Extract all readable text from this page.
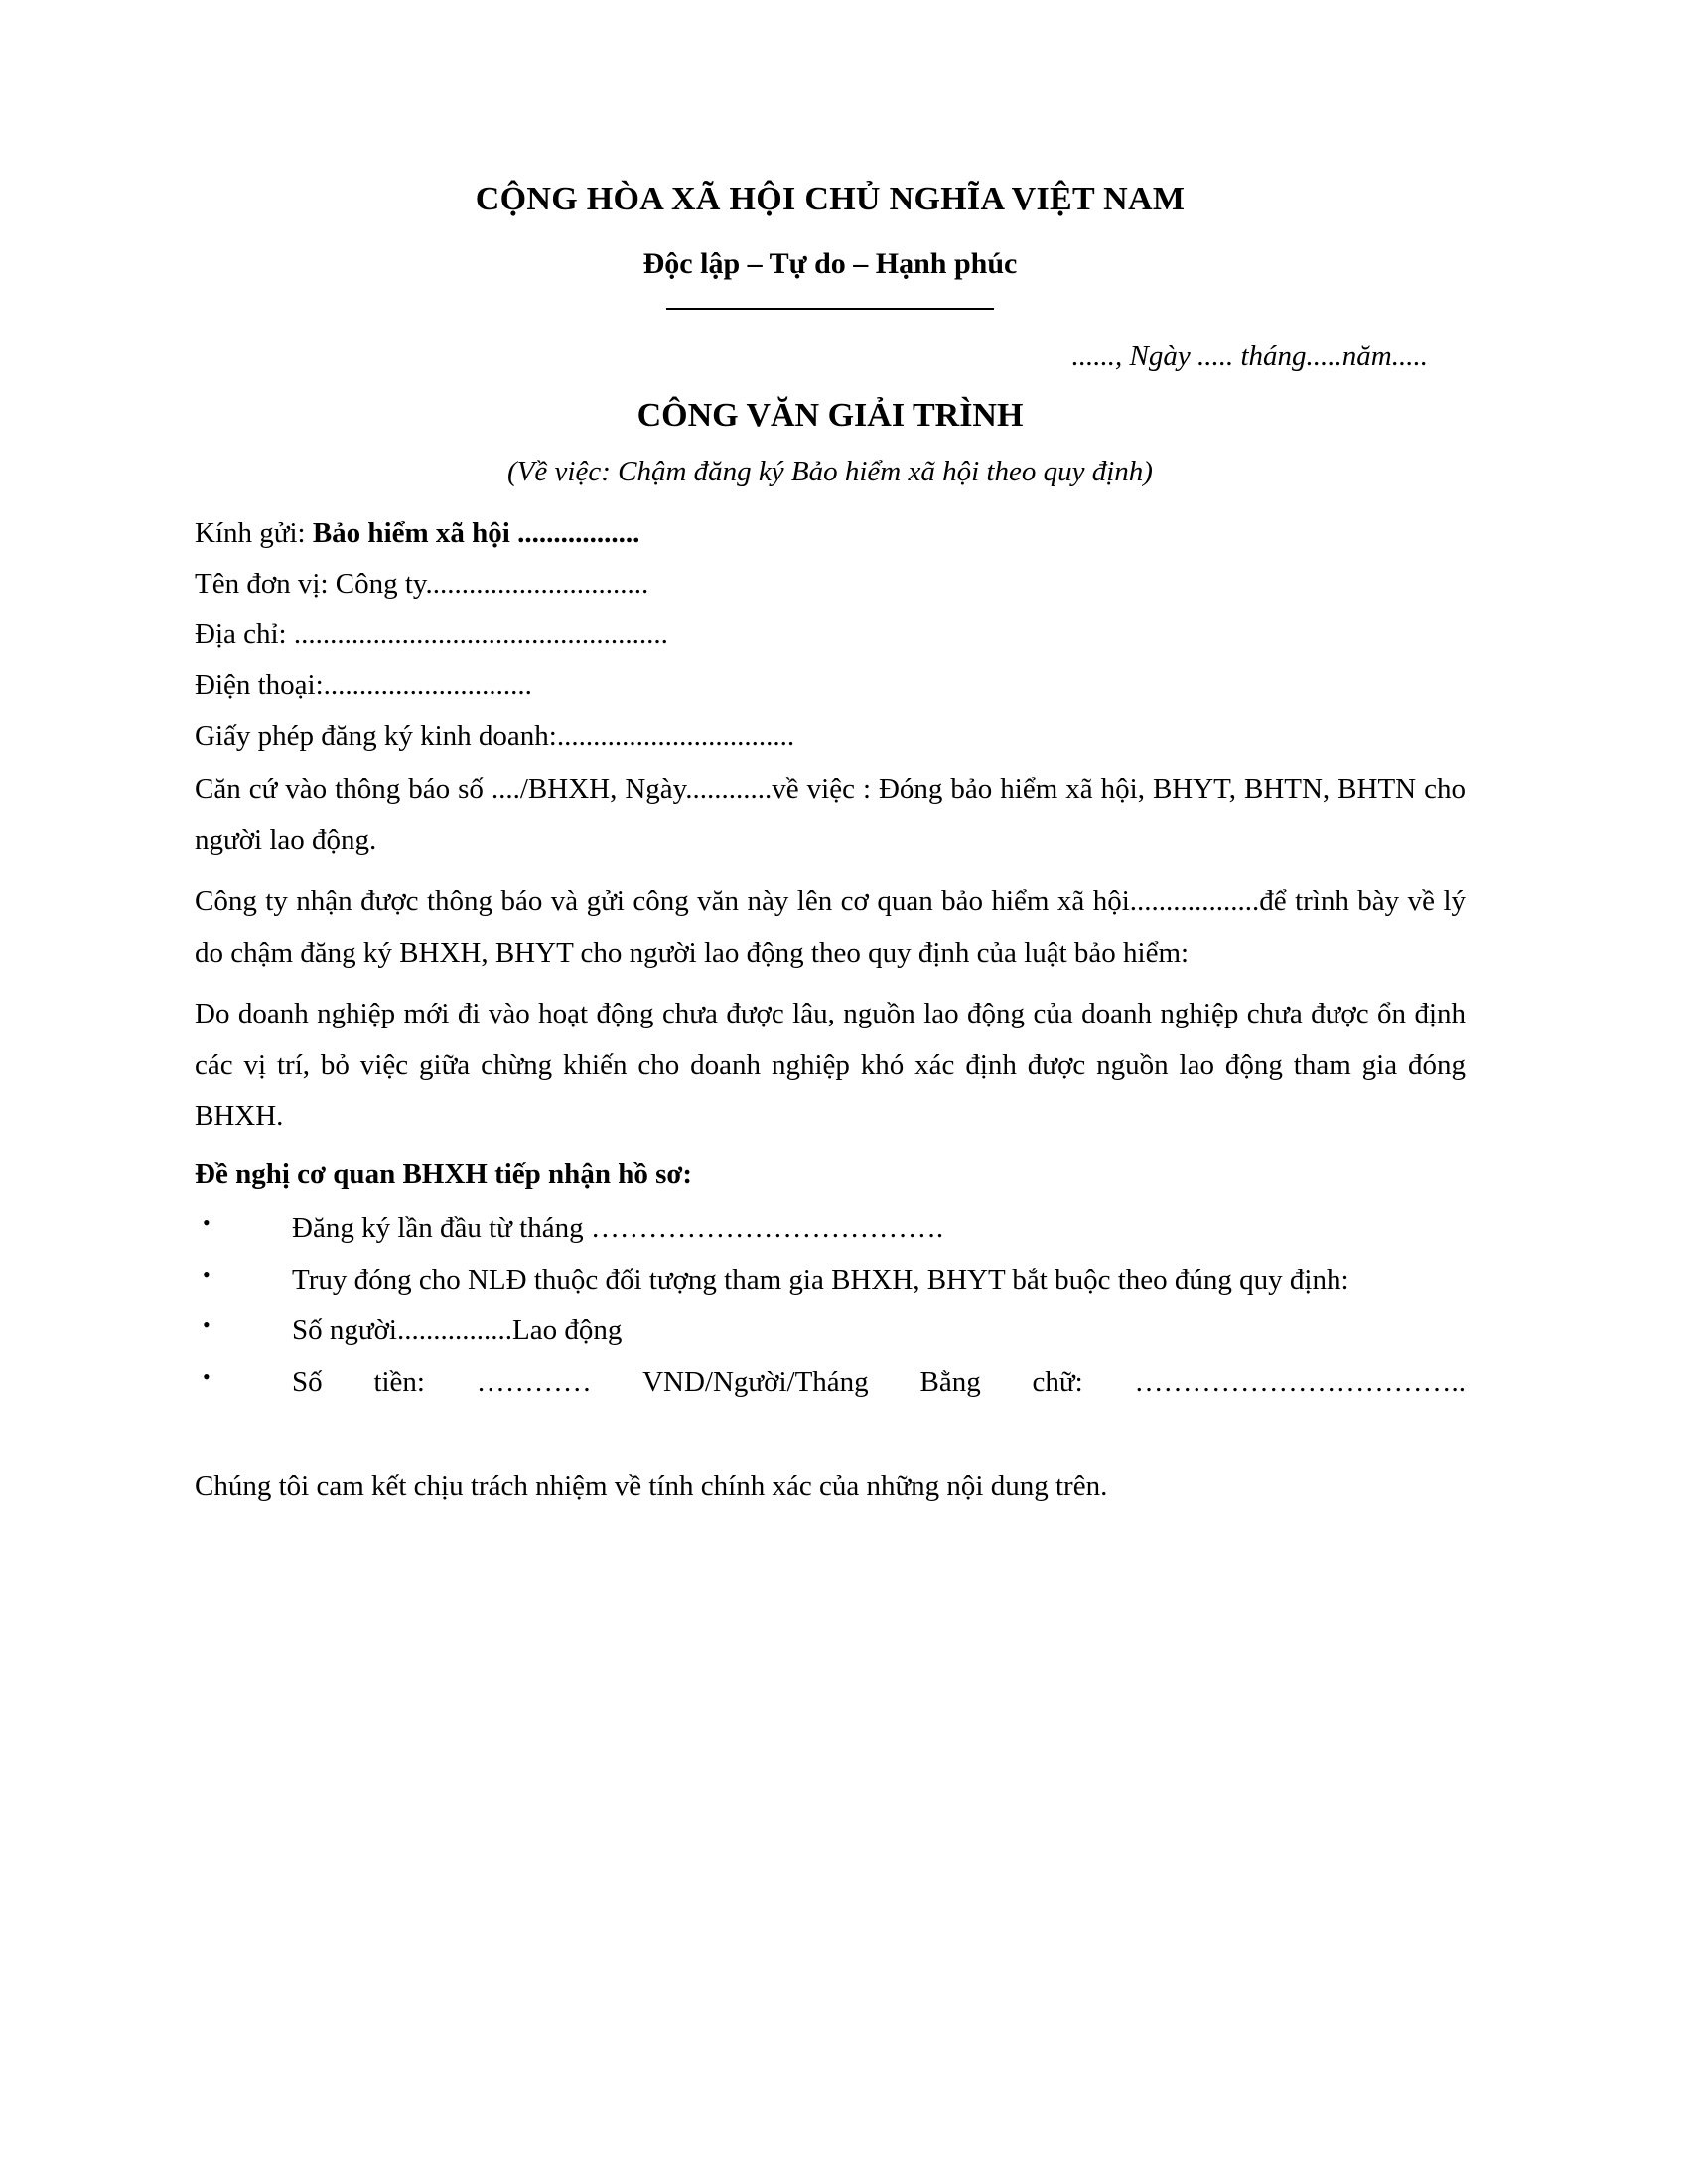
CỘNG HÒA XÃ HỘI CHỦ NGHĨA VIỆT NAM
Độc lập – Tự do – Hạnh phúc
......, Ngày ..... tháng.....năm.....
CÔNG VĂN GIẢI TRÌNH
(Về việc: Chậm đăng ký Bảo hiểm xã hội theo quy định)

Kính gửi: Bảo hiểm xã hội .................

Tên đơn vị: Công ty...............................

Địa chỉ: ....................................................

Điện thoại:.............................

Giấy phép đăng ký kinh doanh:.................................

Căn cứ vào thông báo số ..../BHXH, Ngày............về việc : Đóng bảo hiểm xã hội, BHYT, BHTN, BHTN cho người lao động.

Công ty nhận được thông báo và gửi công văn này lên cơ quan bảo hiểm xã hội..................để trình bày về lý do chậm đăng ký BHXH, BHYT cho người lao động theo quy định của luật bảo hiểm:

Do doanh nghiệp mới đi vào hoạt động chưa được lâu, nguồn lao động của doanh nghiệp chưa được ổn định các vị trí, bỏ việc giữa chừng khiến cho doanh nghiệp khó xác định được nguồn lao động tham gia đóng BHXH.

Đề nghị cơ quan BHXH tiếp nhận hồ sơ:

•	Đăng ký lần đầu từ tháng ……………………………….
•	Truy đóng cho NLĐ thuộc đối tượng tham gia BHXH, BHYT bắt buộc theo đúng quy định:
•	Số người................Lao động
•	Số tiền: ………… VND/Người/Tháng Bằng chữ: ……………………………..

Chúng tôi cam kết chịu trách nhiệm về tính chính xác của những nội dung trên.
